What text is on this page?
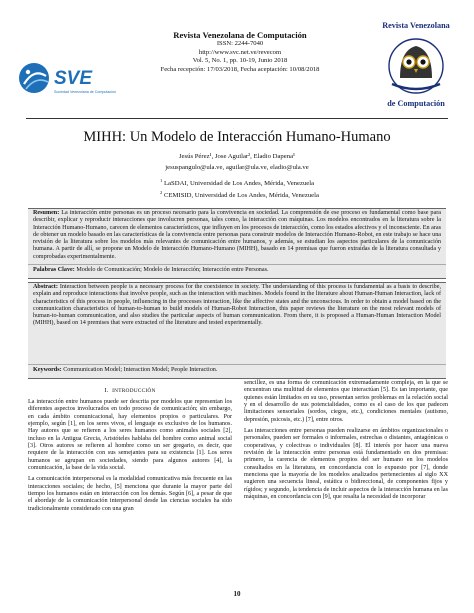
SVE
Sociedad Venezolana de Computación
Revista Venezolana de Computación
ISSN: 2244-7040
http://www.svc.net.ve/revecom
Vol. 5, No. 1, pp. 10-19, Junio 2018
Fecha recepción: 17/03/2018, Fecha aceptación: 10/08/2018
Revista Venezolana
de Computación
MIHH: Un Modelo de Interacción Humano-Humano
Jesús Pérez¹, Jose Aguilar², Eladio Dapena¹
jesuspangulo@ula.ve, aguilar@ula.ve, eladio@ula.ve
$^1$ LaSDAI, Universidad de Los Andes, Mérida, Venezuela
$^2$ CEMISID, Universidad de Los Andes, Mérida, Venezuela
Resumen: La interacción entre personas es un proceso necesario para la convivencia en sociedad. La comprensión de ese proceso es fundamental como base para describir, explicar y reproducir interacciones que involucren personas, tales como, la interacción con máquinas. Los modelos encontrados en la literatura sobre la Interacción Humano-Humano, carecen de elementos característicos, que influyen en los procesos de interacción, como los estados afectivos y el inconsciente. En aras de obtener un modelo basado en las características de la convivencia entre personas para construir modelos de Interacción Humano-Robot, en este trabajo se hace una revisión de la literatura sobre los modelos más relevantes de comunicación entre humanos, y además, se estudian los aspectos particulares de la comunicación humana. A partir de allí, se propone un Modelo de Interacción Humano-Humano (MIHH), basado en 14 premisas que fueron extraídas de la literatura consultada y comprobadas experimentalmente.
Palabras Clave: Modelo de Comunicación; Modelo de Interacción; Interacción entre Personas.
Abstract: Interaction between people is a necessary process for the coexistence in society. The understanding of this process is fundamental as a basis to describe, explain and reproduce interactions that involve people, such as the interaction with machines. Models found in the literature about Human-Human Interaction, lack of characteristics of this process in people, influencing in the processes interaction, like the affective states and the unconscious. In order to obtain a model based on the communication characteristics of human-to-human to build models of Human-Robot Interaction, this paper reviews the literature on the most relevant models of human-to-human communication, and also studies the particular aspects of human communication. From there, it is proposed a Human-Human Interaction Model (MIHH), based on 14 premises that were extracted of the literature and tested experimentally.
Keywords: Communication Model; Interaction Model; People Interaction.
I. INTRODUCCIÓN

La interacción entre humanos puede ser descrita por modelos que representan los diferentes aspectos involucrados en todo proceso de comunicación; sin embargo, en cada ámbito comunicacional, hay elementos propios o particulares. Por ejemplo, según [1], en los seres vivos, el lenguaje es exclusivo de los humanos. Hay autores que se refieren a los seres humanos como animales sociales [2], incluso en la Antigua Grecia, Aristóteles hablaba del hombre como animal social [3]. Otros autores se refieren al hombre como un ser gregario, es decir, que requiere de la interacción con sus semejantes para su existencia [1]. Los seres humanos se agrupan en sociedades, siendo para algunos autores [4], la comunicación, la base de la vida social.

La comunicación interpersonal es la modalidad comunicativa más frecuente en las interacciones sociales; de hecho, [5] menciona que durante la mayor parte del tiempo los humanos están en interacción con los demás. Según [6], a pesar de que el abordaje de la comunicación interpersonal desde las ciencias sociales ha sido tradicionalmente considerado con una gran

sencillez, es una forma de comunicación extremadamente compleja, en la que se encuentran una multitud de elementos que interactúan [5]. Es tan importante, que quienes están limitados en su uso, presentan serios problemas en la relación social y en el desarrollo de sus potencialidades, como es el caso de los que padecen limitaciones sensoriales (sordos, ciegos, etc.), condiciones mentales (autismo, depresión, psicosis, etc.) [7], entre otros.

Las interacciones entre personas pueden realizarse en ámbitos organizacionales o personales, pueden ser formales o informales, estrechas o distantes, antagónicas o cooperativas, y colectivas o individuales [8]. El interés por hacer una nueva revisión de la interacción entre personas está fundamentado en dos premisas: primero, la carencia de elementos propios del ser humano en los modelos consultados en la literatura, en concordancia con lo expuesto por [7], donde menciona que la mayoría de los modelos analizados pertenecientes al siglo XX sugieren una secuencia lineal, estática o bidireccional, de componentes fijos y rígidos; y segundo, la tendencia de incluir aspectos de la interacción humana en las máquinas, en concordancia con [9], que resalta la necesidad de incorporar

10
